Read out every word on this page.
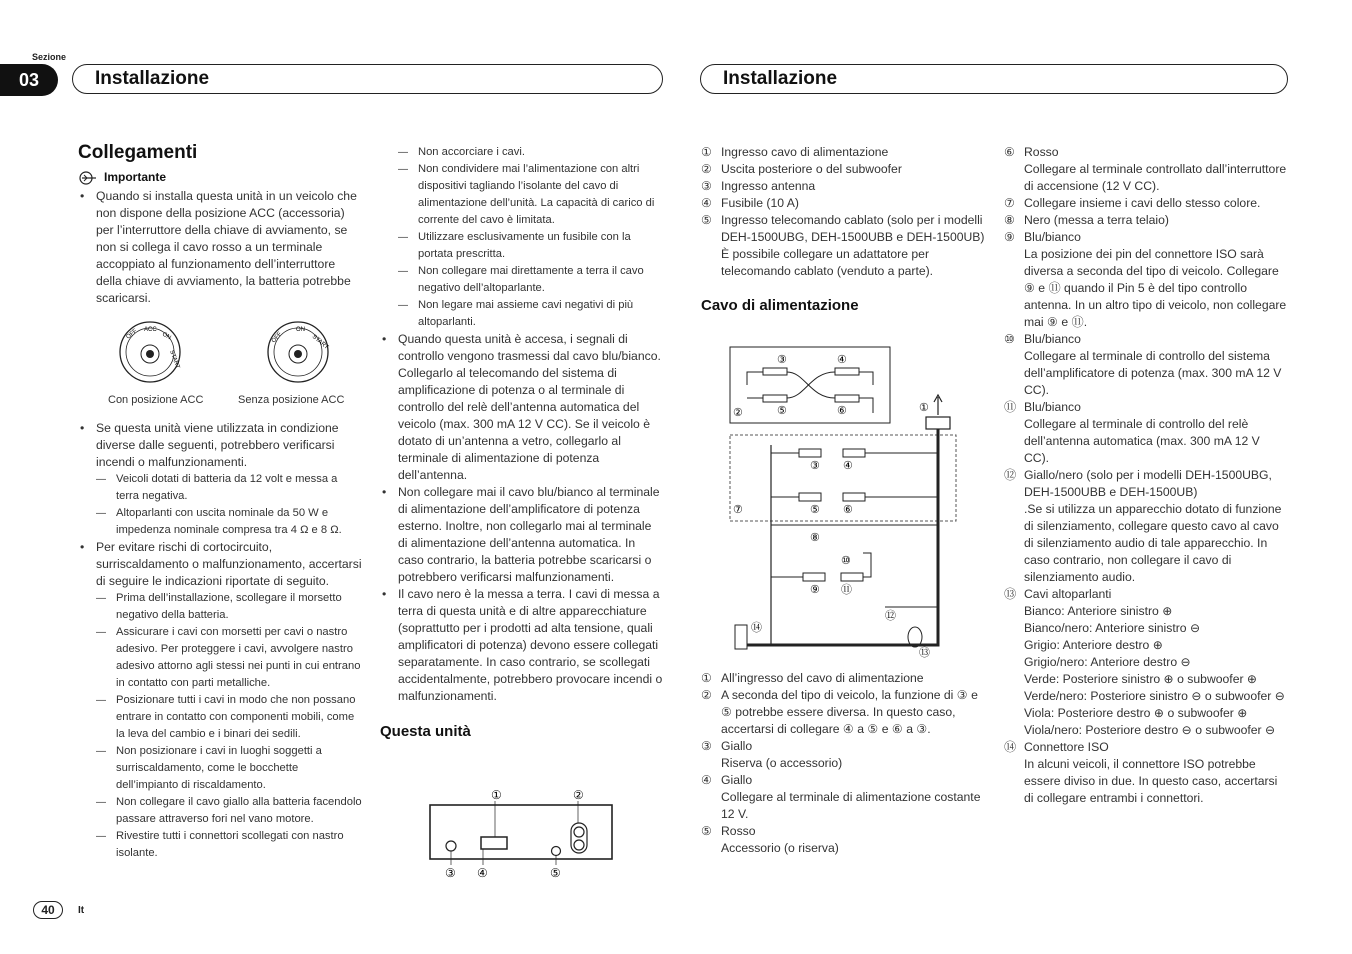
Sezione
03	Installazione	Installazione
Collegamenti
Importante

• Quando si installa questa unità in un veicolo che non dispone della posizione ACC (accessoria) per l’interruttore della chiave di avviamento, se non si collega il cavo rosso a un terminale accoppiato al funzionamento dell’interruttore della chiave di avviamento, la batteria potrebbe scaricarsi.

OFF ACC
ON
START
OFF
ON
START
Con posizione ACC	Senza posizione ACC

• Se questa unità viene utilizzata in condizione diverse dalle seguenti, potrebbero verificarsi incendi o malfunzionamenti.

— Veicoli dotati di batteria da 12 volt e messa a terra negativa.

— Altoparlanti con uscita nominale da 50 W e impedenza nominale compresa tra 4 Ω e 8 Ω.

• Per evitare rischi di cortocircuito, surriscaldamento o malfunzionamento, accertarsi di seguire le indicazioni riportate di seguito.

— Prima dell’installazione, scollegare il morsetto negativo della batteria.

— Assicurare i cavi con morsetti per cavi o nastro adesivo. Per proteggere i cavi, avvolgere nastro adesivo attorno agli stessi nei punti in cui entrano in contatto con parti metalliche.

— Posizionare tutti i cavi in modo che non possano entrare in contatto con componenti mobili, come la leva del cambio e i binari dei sedili.

— Non posizionare i cavi in luoghi soggetti a surriscaldamento, come le bocchette dell’impianto di riscaldamento.

— Non collegare il cavo giallo alla batteria facendolo passare attraverso fori nel vano motore.

— Rivestire tutti i connettori scollegati con nastro isolante.

— Non accorciare i cavi.

— Non condividere mai l’alimentazione con altri dispositivi tagliando l’isolante del cavo di alimentazione dell’unità. La capacità di carico di corrente del cavo è limitata.

— Utilizzare esclusivamente un fusibile con la portata prescritta.

— Non collegare mai direttamente a terra il cavo negativo dell’altoparlante.

— Non legare mai assieme cavi negativi di più altoparlanti.

• Quando questa unità è accesa, i segnali di controllo vengono trasmessi dal cavo blu/bianco. Collegarlo al telecomando del sistema di amplificazione di potenza o al terminale di controllo del relè dell’antenna automatica del veicolo (max. 300 mA 12 V CC). Se il veicolo è dotato di un’antenna a vetro, collegarlo al terminale di alimentazione di potenza dell’antenna.

• Non collegare mai il cavo blu/bianco al terminale di alimentazione dell’amplificatore di potenza esterno. Inoltre, non collegarlo mai al terminale di alimentazione dell’antenna automatica. In caso contrario, la batteria potrebbe scaricarsi o potrebbero verificarsi malfunzionamenti.

• Il cavo nero è la messa a terra. I cavi di messa a terra di questa unità e di altre apparecchiature (soprattutto per i prodotti ad alta tensione, quali amplificatori di potenza) devono essere collegati separatamente. In caso contrario, se scollegati accidentalmente, potrebbero provocare incendi o malfunzionamenti.

Questa unità
①	②
③ ④	⑤

① Ingresso cavo di alimentazione

② Uscita posteriore o del subwoofer

③ Ingresso antenna

④ Fusibile (10 A)

⑤ Ingresso telecomando cablato (solo per i modelli DEH-1500UBG, DEH-1500UBB e DEH-1500UB)

È possibile collegare un adattatore per telecomando cablato (venduto a parte).

Cavo di alimentazione
③	④
②	⑤	⑥	①
⑦
③ ④
⑤ ⑥
⑧
⑩
⑨ ⑪
⑫
⑬
⑭

① All’ingresso del cavo di alimentazione

② A seconda del tipo di veicolo, la funzione di ③ e ⑤ potrebbe essere diversa. In questo caso, accertarsi di collegare ④ a ⑤ e ⑥ a ③.

③ Giallo

Riserva (o accessorio)

④ Giallo

Collegare al terminale di alimentazione costante 12 V.

⑤ Rosso

Accessorio (o riserva)

⑥ Rosso

Collegare al terminale controllato dall’interruttore di accensione (12 V CC).

⑦ Collegare insieme i cavi dello stesso colore.

⑧ Nero (messa a terra telaio)

⑨ Blu/bianco

La posizione dei pin del connettore ISO sarà diversa a seconda del tipo di veicolo. Collegare ⑨ e ⑪ quando il Pin 5 è del tipo controllo antenna. In un altro tipo di veicolo, non collegare mai ⑨ e ⑪.

⑩ Blu/bianco

Collegare al terminale di controllo del sistema dell’amplificatore di potenza (max. 300 mA 12 V CC).

⑪ Blu/bianco

Collegare al terminale di controllo del relè dell’antenna automatica (max. 300 mA 12 V CC).

⑫ Giallo/nero (solo per i modelli DEH-1500UBG, DEH-1500UBB e DEH-1500UB)

.Se si utilizza un apparecchio dotato di funzione di silenziamento, collegare questo cavo al cavo di silenziamento audio di tale apparecchio. In caso contrario, non collegare il cavo di silenziamento audio.

⑬ Cavi altoparlanti

Bianco: Anteriore sinistro ⊕

Bianco/nero: Anteriore sinistro ⊖

Grigio: Anteriore destro ⊕

Grigio/nero: Anteriore destro ⊖

Verde: Posteriore sinistro ⊕ o subwoofer ⊕

Verde/nero: Posteriore sinistro ⊖ o subwoofer ⊖

Viola: Posteriore destro ⊕ o subwoofer ⊕

Viola/nero: Posteriore destro ⊖ o subwoofer ⊖

⑭ Connettore ISO

In alcuni veicoli, il connettore ISO potrebbe essere diviso in due. In questo caso, accertarsi di collegare entrambi i connettori.

40	It
